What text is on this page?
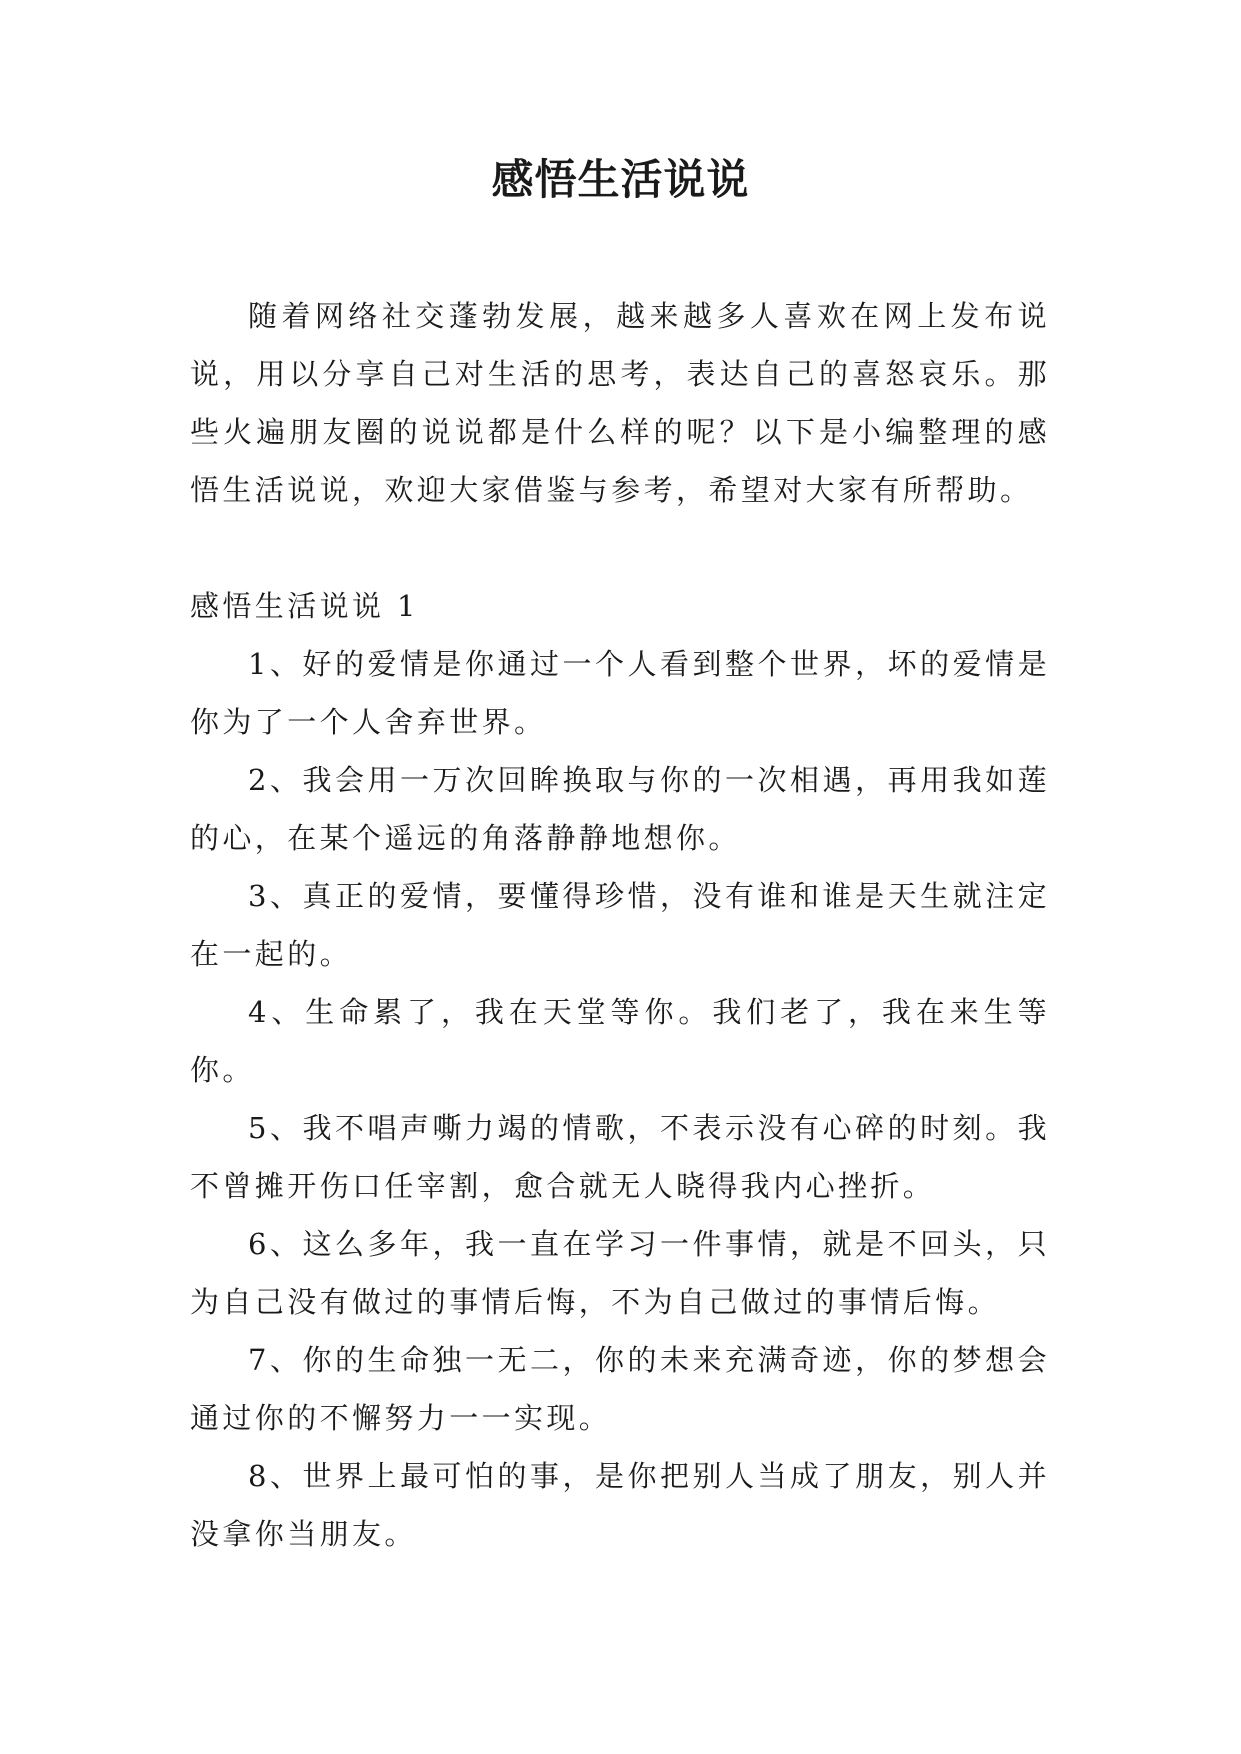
感悟生活说说

随着网络社交蓬勃发展，越来越多人喜欢在网上发布说说，用以分享自己对生活的思考，表达自己的喜怒哀乐。那些火遍朋友圈的说说都是什么样的呢？以下是小编整理的感悟生活说说，欢迎大家借鉴与参考，希望对大家有所帮助。

感悟生活说说 1

1、好的爱情是你通过一个人看到整个世界，坏的爱情是你为了一个人舍弃世界。

2、我会用一万次回眸换取与你的一次相遇，再用我如莲的心，在某个遥远的角落静静地想你。

3、真正的爱情，要懂得珍惜，没有谁和谁是天生就注定在一起的。

4、生命累了，我在天堂等你。我们老了，我在来生等你。

5、我不唱声嘶力竭的情歌，不表示没有心碎的时刻。我不曾摊开伤口任宰割，愈合就无人晓得我内心挫折。

6、这么多年，我一直在学习一件事情，就是不回头，只为自己没有做过的事情后悔，不为自己做过的事情后悔。

7、你的生命独一无二，你的未来充满奇迹，你的梦想会通过你的不懈努力一一实现。

8、世界上最可怕的事，是你把别人当成了朋友，别人并没拿你当朋友。
